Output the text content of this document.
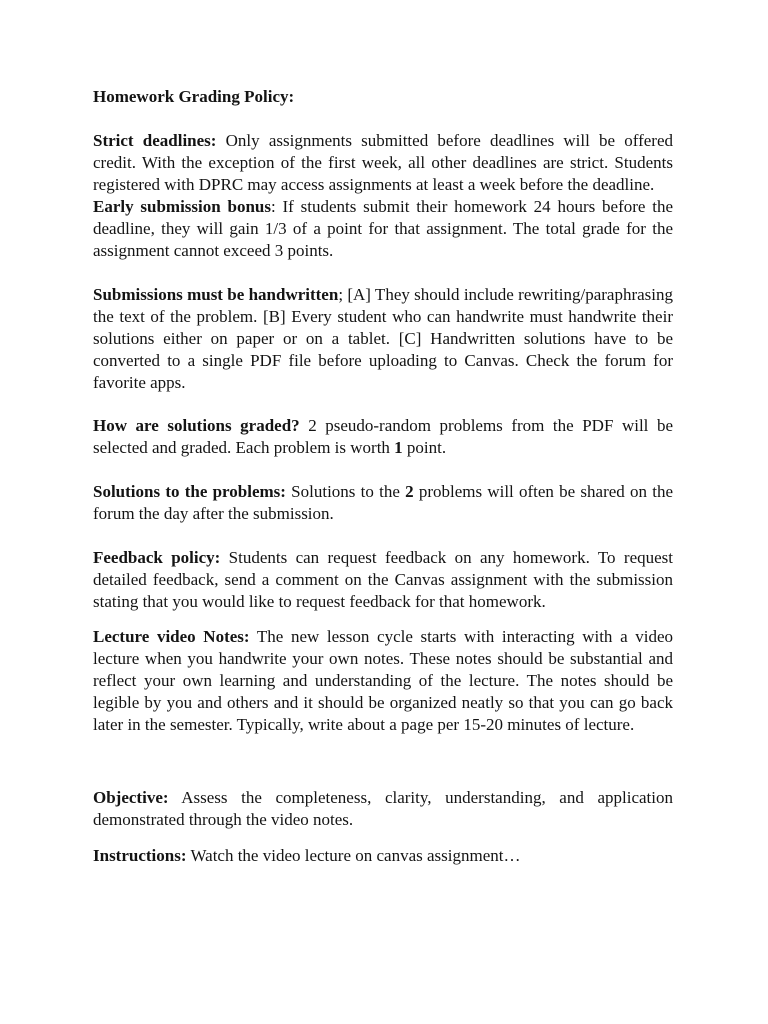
Homework Grading Policy:

Strict deadlines: Only assignments submitted before deadlines will be offered credit. With the exception of the first week, all other deadlines are strict. Students registered with DPRC may access assignments at least a week before the deadline.

Early submission bonus: If students submit their homework 24 hours before the deadline, they will gain 1/3 of a point for that assignment. The total grade for the assignment cannot exceed 3 points.

Submissions must be handwritten; [A] They should include rewriting/paraphrasing the text of the problem. [B] Every student who can handwrite must handwrite their solutions either on paper or on a tablet. [C] Handwritten solutions have to be converted to a single PDF file before uploading to Canvas. Check the forum for favorite apps.

How are solutions graded? 2 pseudo-random problems from the PDF will be selected and graded. Each problem is worth 1 point.

Solutions to the problems: Solutions to the 2 problems will often be shared on the forum the day after the submission.

Feedback policy: Students can request feedback on any homework. To request detailed feedback, send a comment on the Canvas assignment with the submission stating that you would like to request feedback for that homework.

Lecture video Notes: The new lesson cycle starts with interacting with a video lecture when you handwrite your own notes. These notes should be substantial and reflect your own learning and understanding of the lecture. The notes should be legible by you and others and it should be organized neatly so that you can go back later in the semester. Typically, write about a page per 15-20 minutes of lecture.

Objective: Assess the completeness, clarity, understanding, and application demonstrated through the video notes.

Instructions: Watch the video lecture on canvas assignment…
